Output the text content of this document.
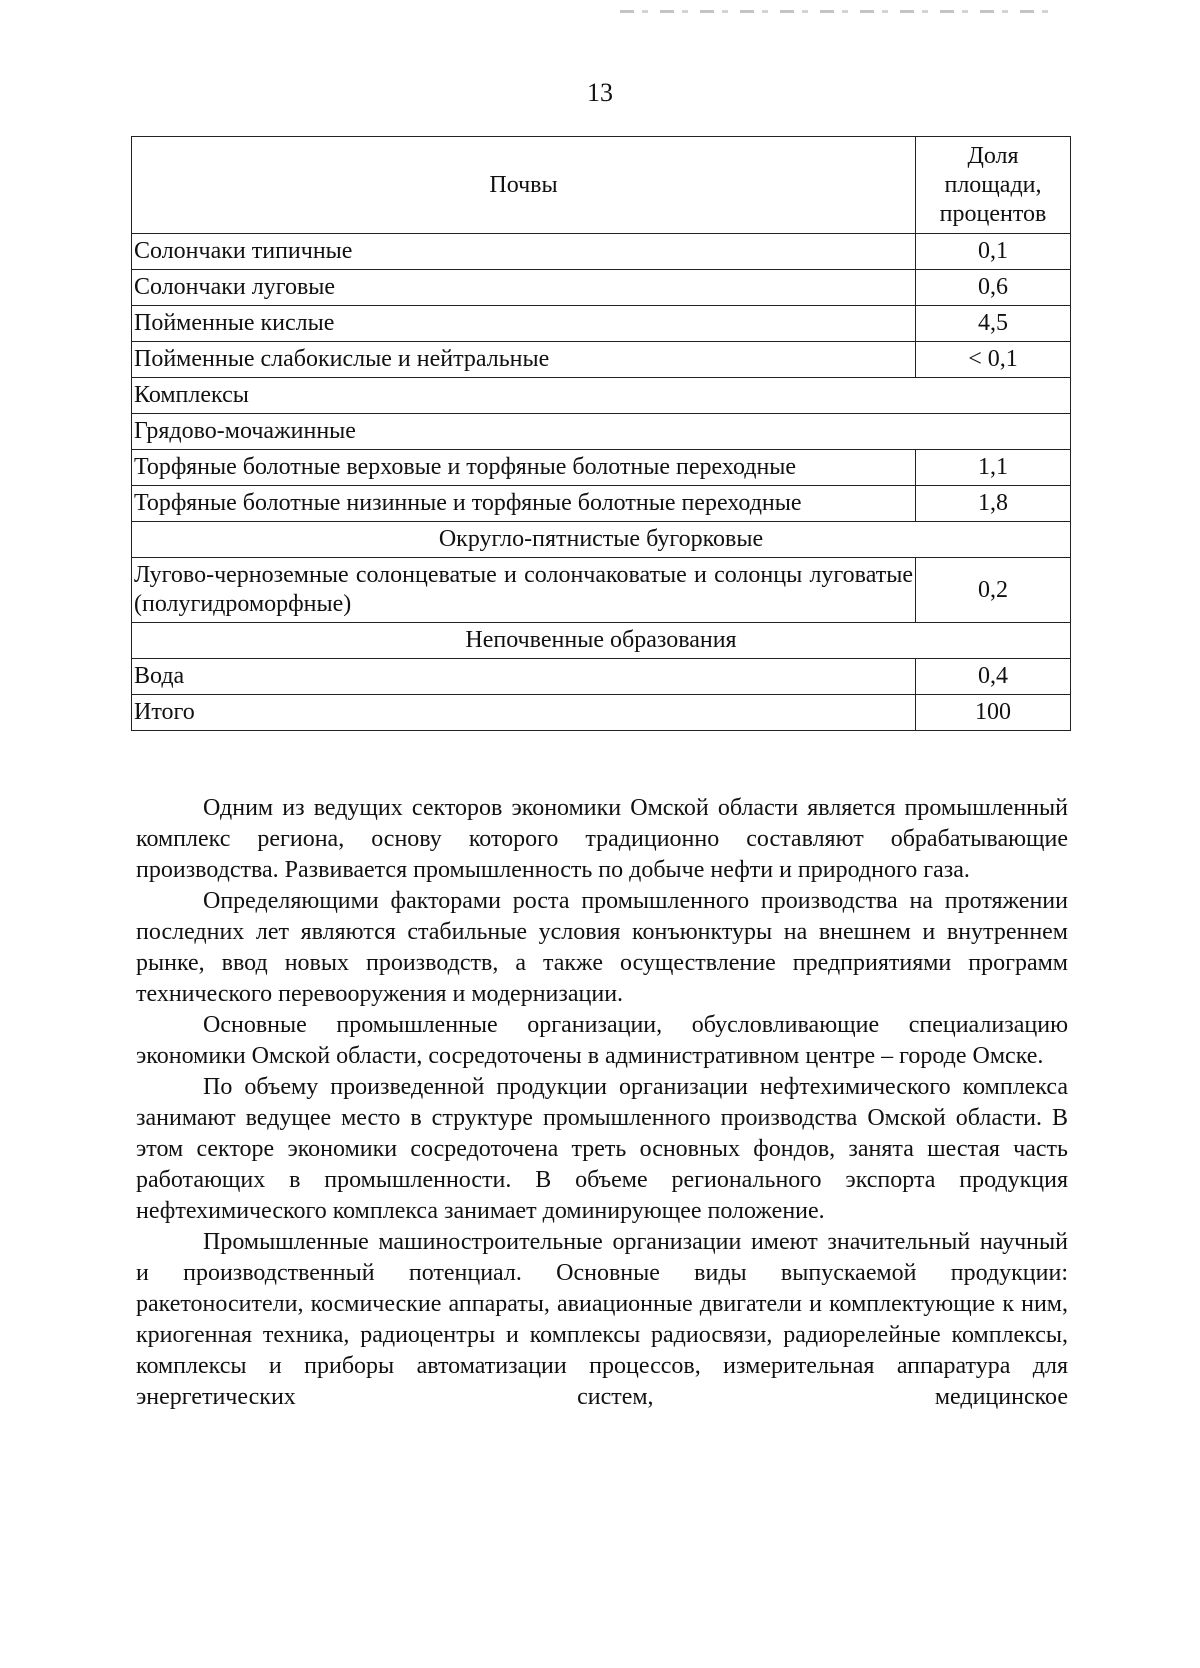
13
Почвы	Доля площади, процентов
Солончаки типичные	0,1
Солончаки луговые	0,6
Пойменные кислые	4,5
Пойменные слабокислые и нейтральные	< 0,1
Комплексы	
Грядово-мочажинные	
Торфяные болотные верховые и торфяные болотные переходные	1,1
Торфяные болотные низинные и торфяные болотные переходные	1,8
Округло-пятнистые бугорковые	
Лугово-черноземные солонцеватые и солончаковатые и солонцы луговатые (полугидроморфные)	0,2
Непочвенные образования	
Вода	0,4
Итого	100

Одним из ведущих секторов экономики Омской области является промышленный комплекс региона, основу которого традиционно составляют обрабатывающие производства. Развивается промышленность по добыче нефти и природного газа.

Определяющими факторами роста промышленного производства на протяжении последних лет являются стабильные условия конъюнктуры на внешнем и внутреннем рынке, ввод новых производств, а также осуществление предприятиями программ технического перевооружения и модернизации.

Основные промышленные организации, обусловливающие специализацию экономики Омской области, сосредоточены в административном центре – городе Омске.

По объему произведенной продукции организации нефтехимического комплекса занимают ведущее место в структуре промышленного производства Омской области. В этом секторе экономики сосредоточена треть основных фондов, занята шестая часть работающих в промышленности. В объеме регионального экспорта продукция нефтехимического комплекса занимает доминирующее положение.

Промышленные машиностроительные организации имеют значительный научный и производственный потенциал. Основные виды выпускаемой продукции: ракетоносители, космические аппараты, авиационные двигатели и комплектующие к ним, криогенная техника, радиоцентры и комплексы радиосвязи, радиорелейные комплексы, комплексы и приборы автоматизации процессов, измерительная аппаратура для энергетических систем, медицинское
